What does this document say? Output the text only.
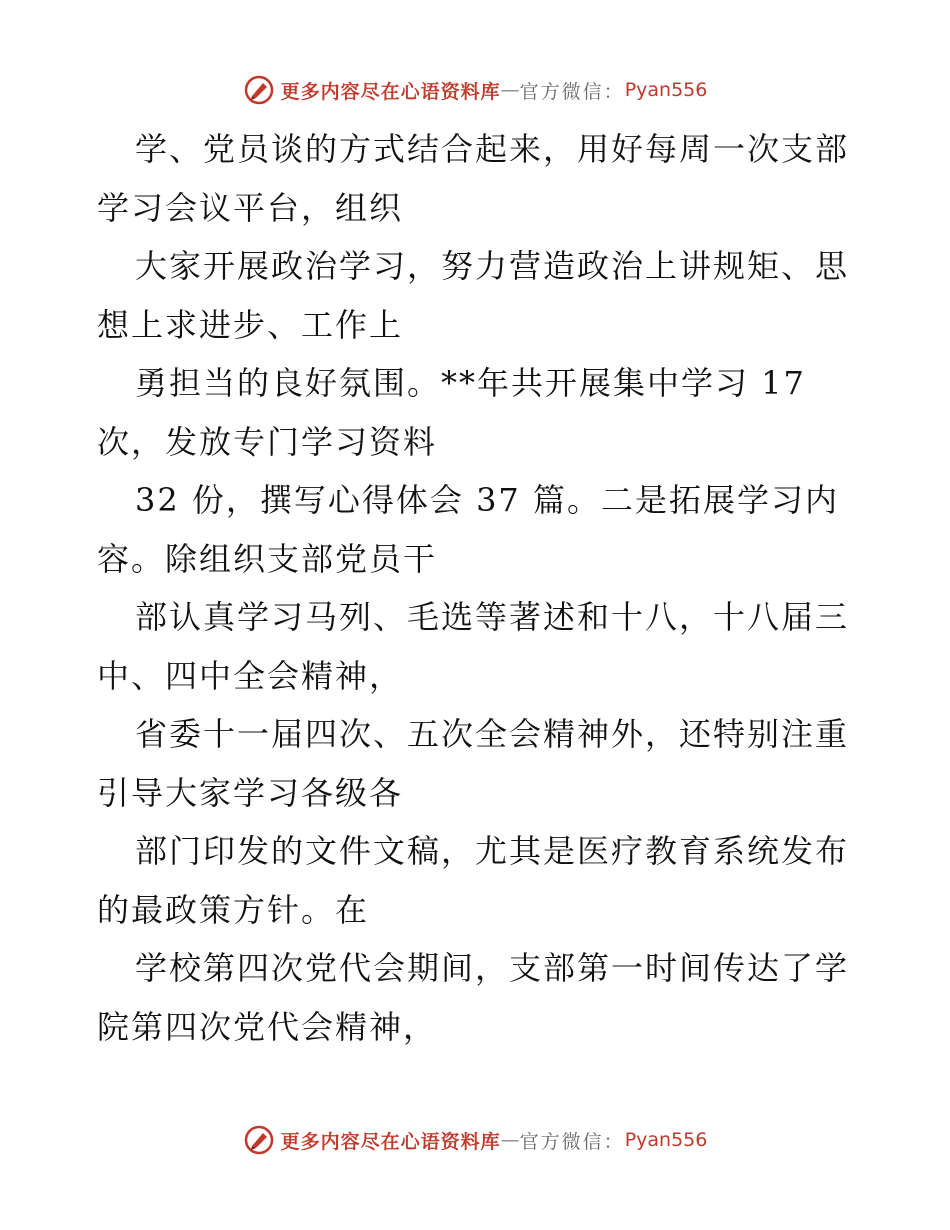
更多内容尽在心语资料库 — 官方微信： Pyan556
学、党员谈的方式结合起来，用好每周一次支部
学习会议平台，组织
大家开展政治学习，努力营造政治上讲规矩、思
想上求进步、工作上
勇担当的良好氛围。**年共开展集中学习 17
次，发放专门学习资料
32 份，撰写心得体会 37 篇。二是拓展学习内
容。除组织支部党员干
部认真学习马列、毛选等著述和十八，十八届三
中、四中全会精神，
省委十一届四次、五次全会精神外，还特别注重
引导大家学习各级各
部门印发的文件文稿，尤其是医疗教育系统发布
的最政策方针。在
学校第四次党代会期间，支部第一时间传达了学
院第四次党代会精神，
更多内容尽在心语资料库 — 官方微信： Pyan556
